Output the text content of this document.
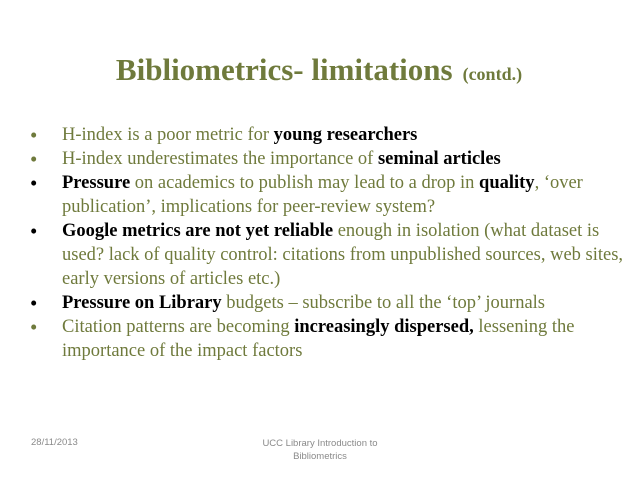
Bibliometrics- limitations (contd.)
• H-index is a poor metric for young researchers
• H-index underestimates the importance of seminal articles
• Pressure on academics to publish may lead to a drop in quality, ‘over publication’, implications for peer-review system?
• Google metrics are not yet reliable enough in isolation (what dataset is used? lack of quality control: citations from unpublished sources, web sites, early versions of articles etc.)
• Pressure on Library budgets – subscribe to all the ‘top’ journals
• Citation patterns are becoming increasingly dispersed, lessening the importance of the impact factors
28/11/2013	UCC Library Introduction to
Bibliometrics
